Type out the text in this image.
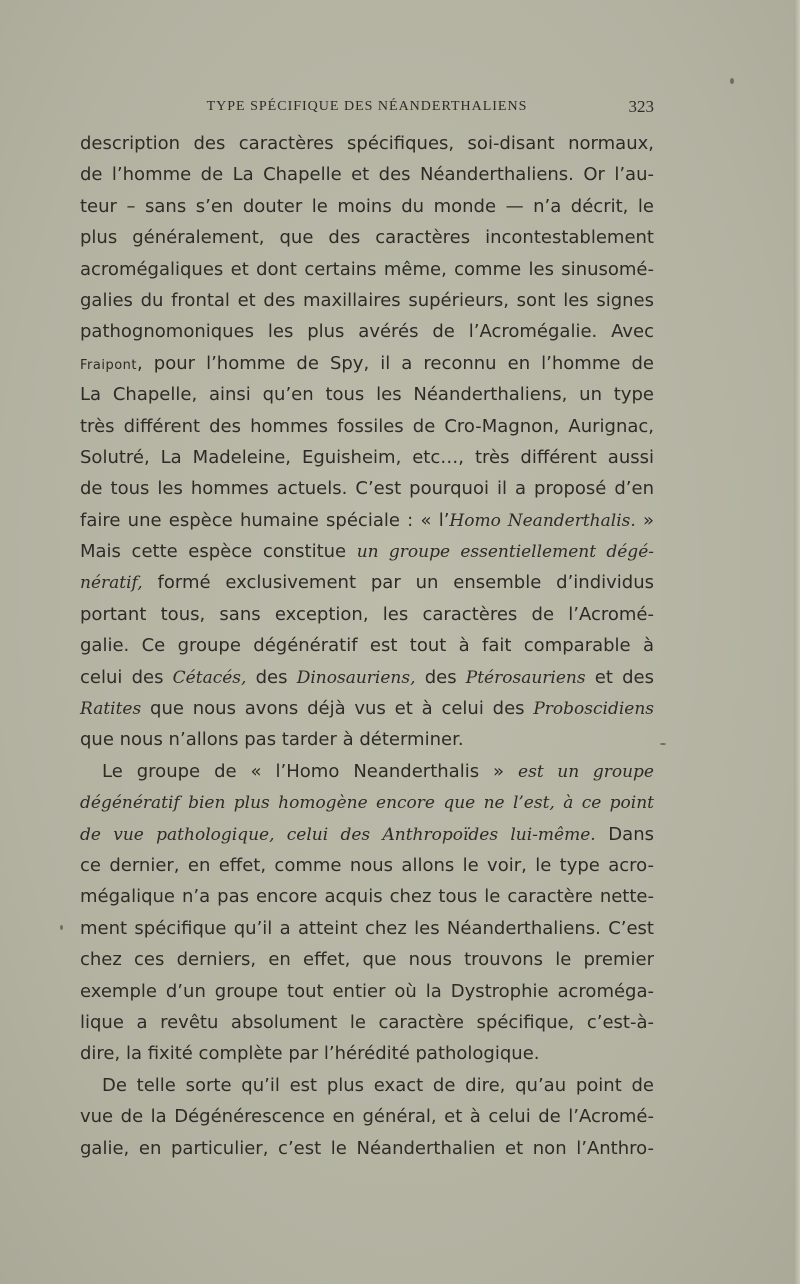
TYPE SPÉCIFIQUE DES NÉANDERTHALIENS	323
description des caractères spécifiques, soi-disant normaux,
de l’homme de La Chapelle et des Néanderthaliens. Or l’au-
teur – sans s’en douter le moins du monde — n’a décrit, le
plus généralement, que des caractères incontestablement
acromégaliques et dont certains même, comme les sinusomé-
galies du frontal et des maxillaires supérieurs, sont les signes
pathognomoniques les plus avérés de l’Acromégalie. Avec
Fraipont, pour l’homme de Spy, il a reconnu en l’homme de
La Chapelle, ainsi qu’en tous les Néanderthaliens, un type
très différent des hommes fossiles de Cro-Magnon, Aurignac,
Solutré, La Madeleine, Eguisheim, etc…, très différent aussi
de tous les hommes actuels. C’est pourquoi il a proposé d’en
faire une espèce humaine spéciale : « l’Homo Neanderthalis. »
Mais cette espèce constitue un groupe essentiellement dégé-
nératif, formé exclusivement par un ensemble d’individus
portant tous, sans exception, les caractères de l’Acromé-
galie. Ce groupe dégénératif est tout à fait comparable à
celui des Cétacés, des Dinosauriens, des Ptérosauriens et des
Ratites que nous avons déjà vus et à celui des Proboscidiens
que nous n’allons pas tarder à déterminer.
Le groupe de « l’Homo Neanderthalis » est un groupe
dégénératif bien plus homogène encore que ne l’est, à ce point
de vue pathologique, celui des Anthropoïdes lui-même. Dans
ce dernier, en effet, comme nous allons le voir, le type acro-
mégalique n’a pas encore acquis chez tous le caractère nette-
ment spécifique qu’il a atteint chez les Néanderthaliens. C’est
chez ces derniers, en effet, que nous trouvons le premier
exemple d’un groupe tout entier où la Dystrophie acroméga-
lique a revêtu absolument le caractère spécifique, c’est-à-
dire, la fixité complète par l’hérédité pathologique.
De telle sorte qu’il est plus exact de dire, qu’au point de
vue de la Dégénérescence en général, et à celui de l’Acromé-
galie, en particulier, c’est le Néanderthalien et non l’Anthro-
